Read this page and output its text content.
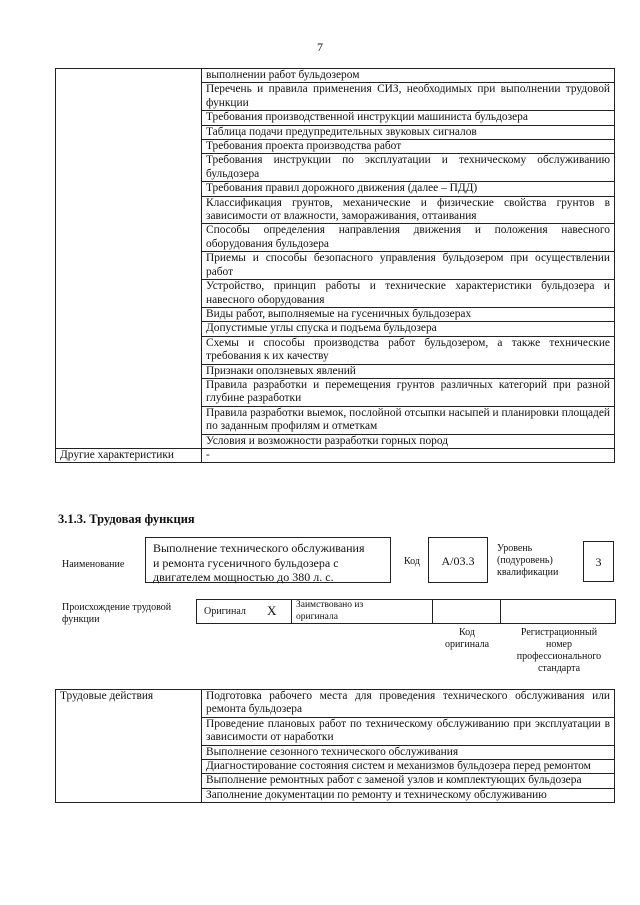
7
	выполнении работ бульдозером
	Перечень и правила применения СИЗ, необходимых при выполнении трудовой функции
	Требования производственной инструкции машиниста бульдозера
	Таблица подачи предупредительных звуковых сигналов
	Требования проекта производства работ
	Требования инструкции по эксплуатации и техническому обслуживанию бульдозера
	Требования правил дорожного движения (далее – ПДД)
	Классификация грунтов, механические и физические свойства грунтов в зависимости от влажности, замораживания, оттаивания
	Способы определения направления движения и положения навесного оборудования бульдозера
	Приемы и способы безопасного управления бульдозером при осуществлении работ
	Устройство, принцип работы и технические характеристики бульдозера и навесного оборудования
	Виды работ, выполняемые на гусеничных бульдозерах
	Допустимые углы спуска и подъема бульдозера
	Схемы и способы производства работ бульдозером, а также технические требования к их качеству
	Признаки оползневых явлений
	Правила разработки и перемещения грунтов различных категорий при разной глубине разработки
	Правила разработки выемок, послойной отсыпки насыпей и планировки площадей по заданным профилям и отметкам
	Условия и возможности разработки горных пород
Другие характеристики	-
3.1.3. Трудовая функция
Наименование
Выполнение технического обслуживания
и ремонта гусеничного бульдозера с
двигателем мощностью до 380 л. с.
Код	A/03.3
Уровень
(подуровень)
квалификации
3
Происхождение трудовой
функции
Оригинал X Заимствовано из
оригинала
Код
оригинала
Регистрационный
номер
профессионального
стандарта
Трудовые действия	Подготовка рабочего места для проведения технического обслуживания или ремонта бульдозера
Проведение плановых работ по техническому обслуживанию при эксплуатации в зависимости от наработки
Выполнение сезонного технического обслуживания
Диагностирование состояния систем и механизмов бульдозера перед ремонтом
Выполнение ремонтных работ с заменой узлов и комплектующих бульдозера
Заполнение документации по ремонту и техническому обслуживанию
